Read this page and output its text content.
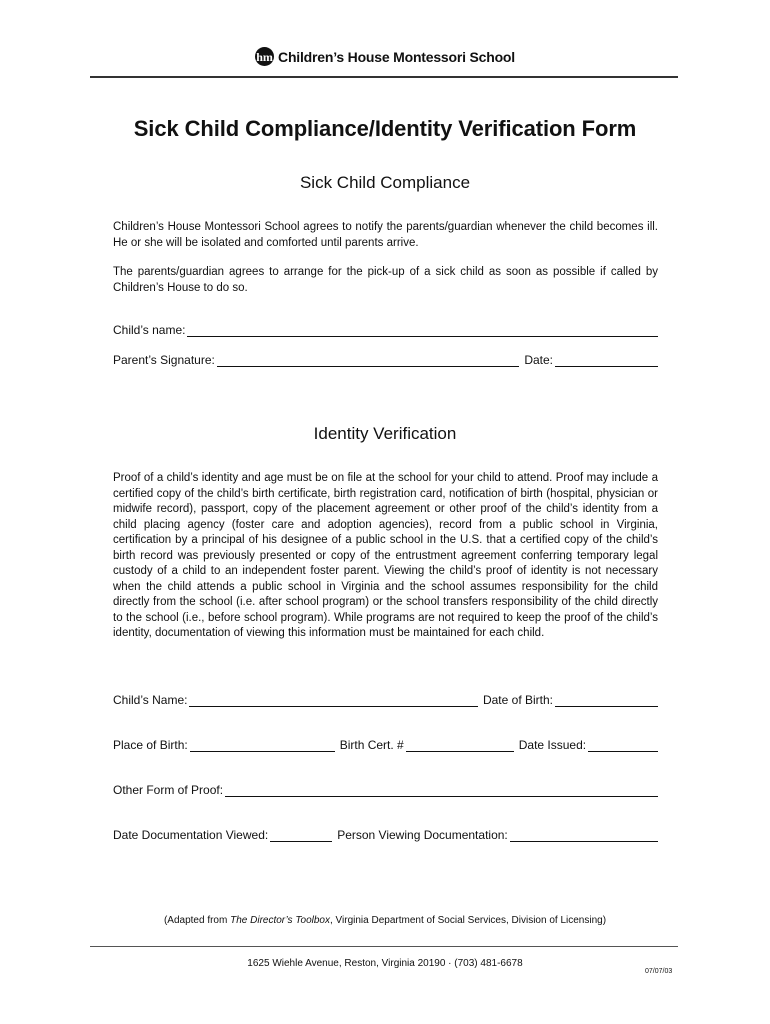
hm Children’s House Montessori School
Sick Child Compliance/Identity Verification Form
Sick Child Compliance
Children’s House Montessori School agrees to notify the parents/guardian whenever the child becomes ill. He or she will be isolated and comforted until parents arrive.
The parents/guardian agrees to arrange for the pick-up of a sick child as soon as possible if called by Children’s House to do so.
Child’s name:
Parent’s Signature:	Date:
Identity Verification
Proof of a child’s identity and age must be on file at the school for your child to attend. Proof may include a certified copy of the child’s birth certificate, birth registration card, notification of birth (hospital, physician or midwife record), passport, copy of the placement agreement or other proof of the child’s identity from a child placing agency (foster care and adoption agencies), record from a public school in Virginia, certification by a principal of his designee of a public school in the U.S. that a certified copy of the child’s birth record was previously presented or copy of the entrustment agreement conferring temporary legal custody of a child to an independent foster parent. Viewing the child’s proof of identity is not necessary when the child attends a public school in Virginia and the school assumes responsibility for the child directly from the school (i.e. after school program) or the school transfers responsibility of the child directly to the school (i.e., before school program). While programs are not required to keep the proof of the child’s identity, documentation of viewing this information must be maintained for each child.
Child’s Name:	Date of Birth:
Place of Birth:	Birth Cert. #	Date Issued:
Other Form of Proof:
Date Documentation Viewed:	Person Viewing Documentation:
(Adapted from The Director’s Toolbox, Virginia Department of Social Services, Division of Licensing)
1625 Wiehle Avenue, Reston, Virginia 20190 · (703) 481-6678
07/07/03
